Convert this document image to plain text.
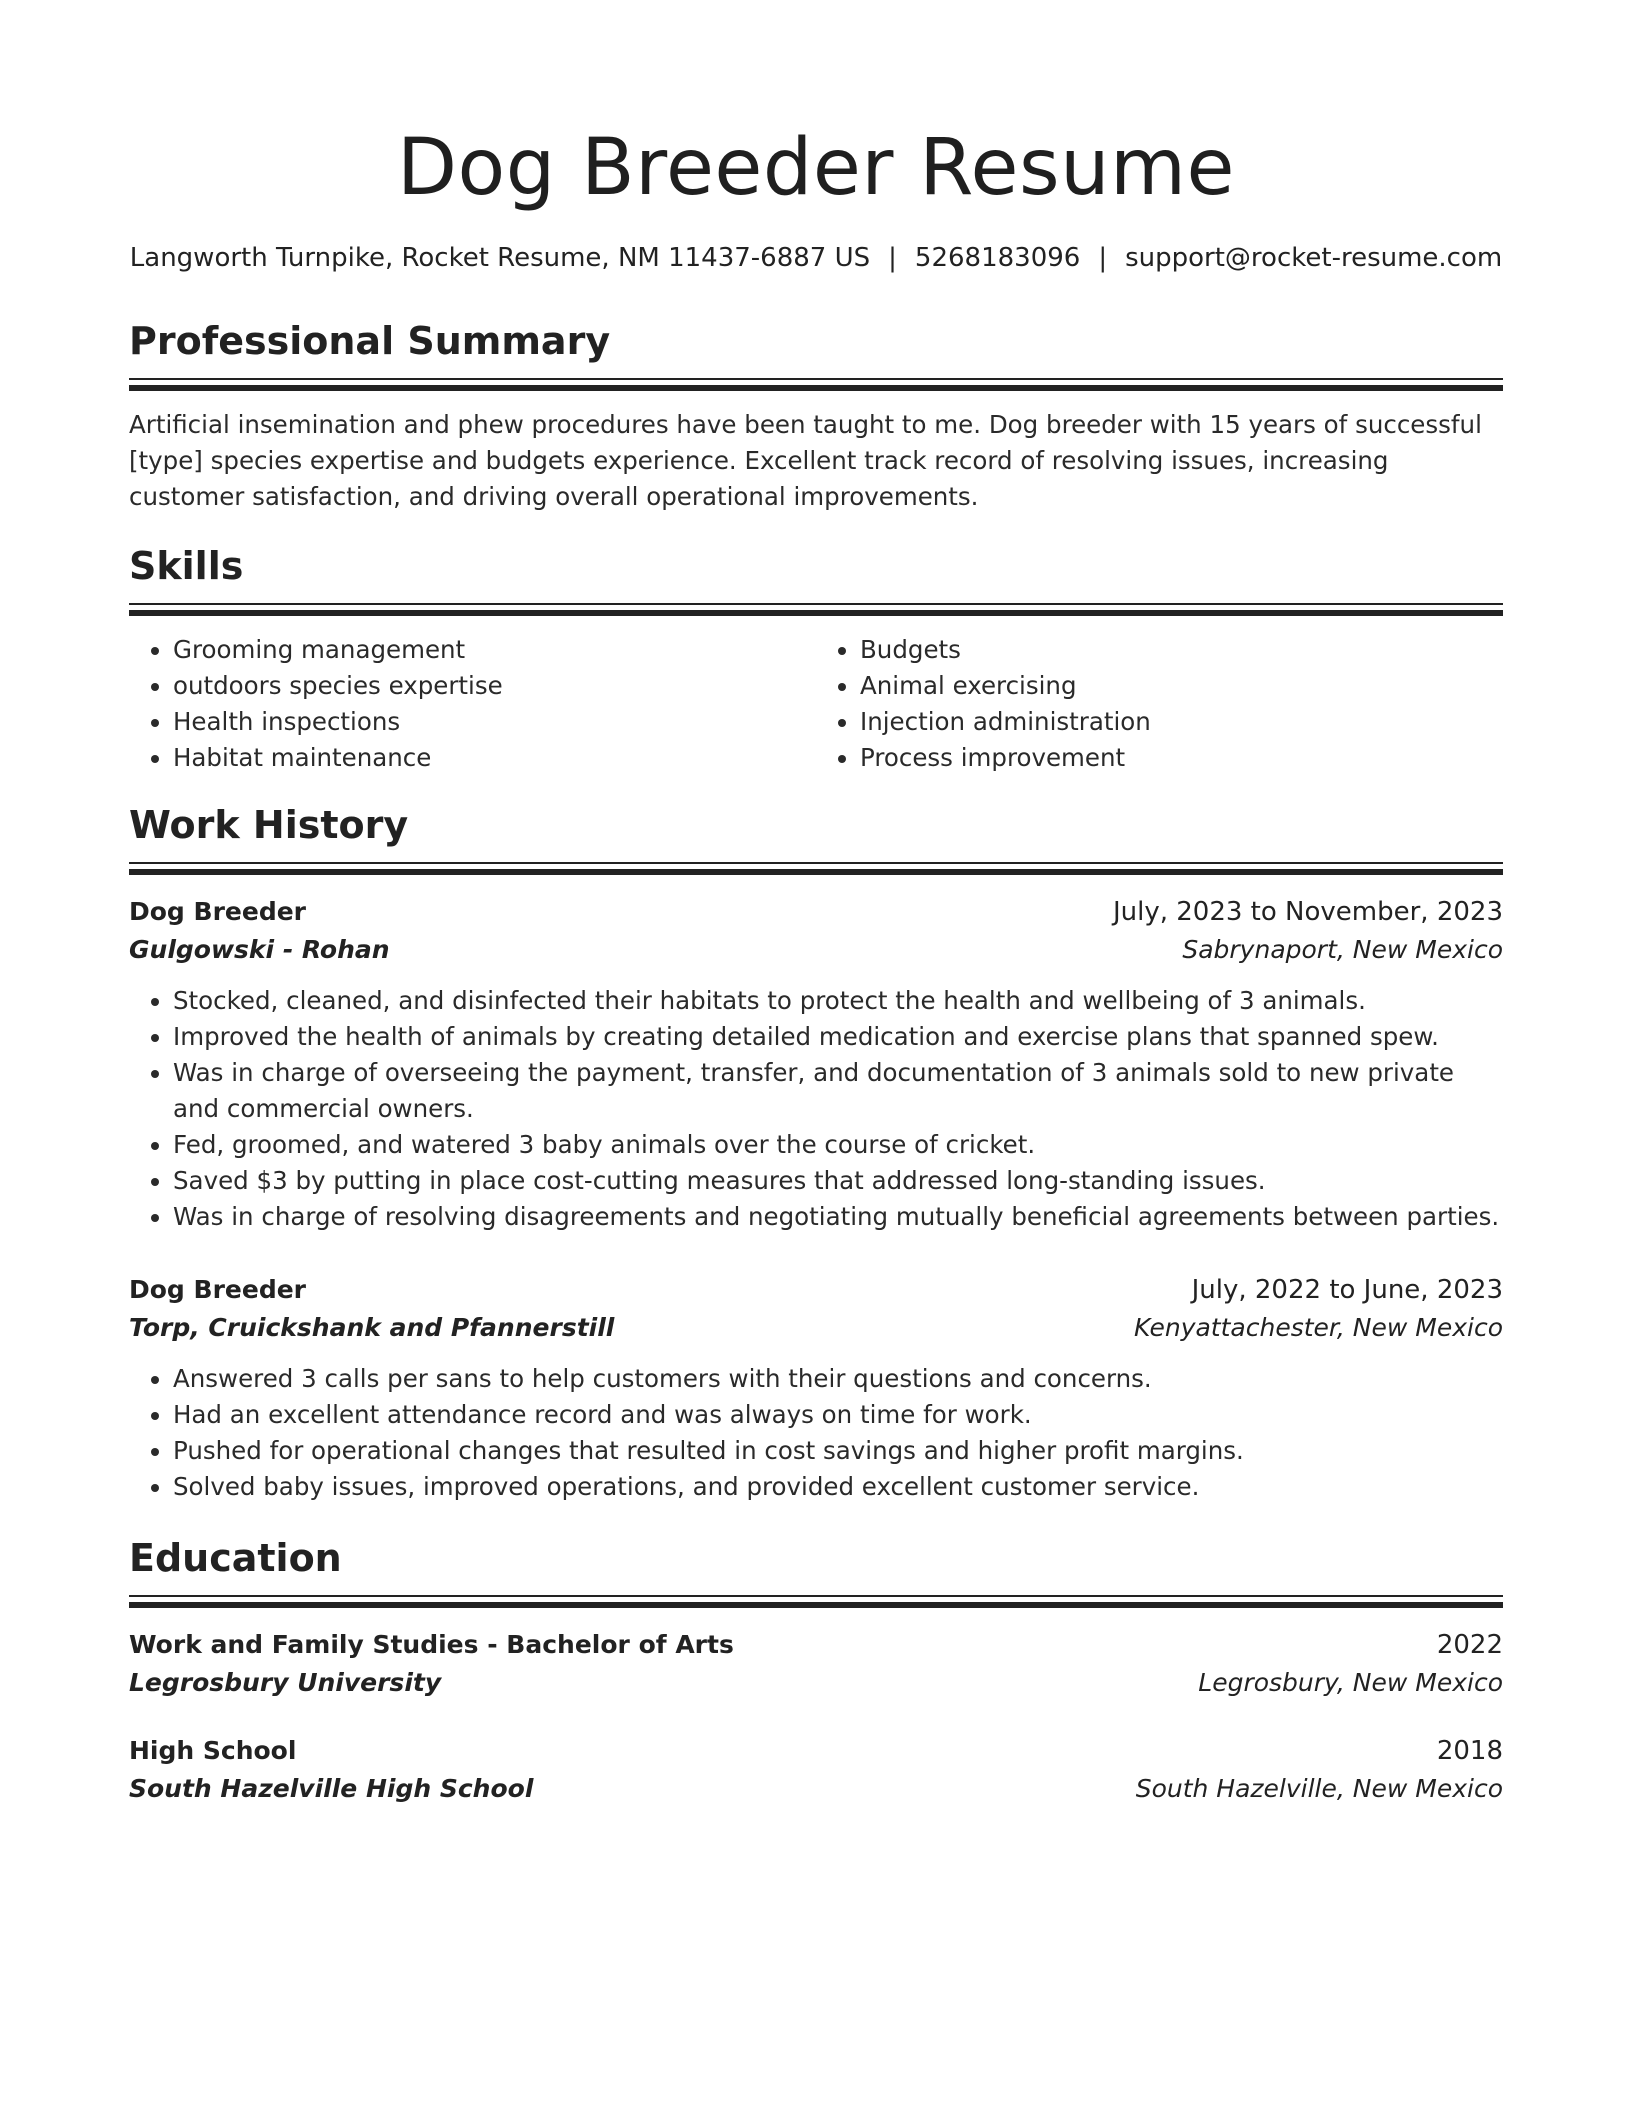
Dog Breeder Resume
Langworth Turnpike, Rocket Resume, NM 11437-6887 US | 5268183096 | support@rocket-resume.com
Professional Summary

Artificial insemination and phew procedures have been taught to me. Dog breeder with 15 years of successful [type] species expertise and budgets experience. Excellent track record of resolving issues, increasing customer satisfaction, and driving overall operational improvements.

Skills
• Grooming management
• outdoors species expertise
• Health inspections
• Habitat maintenance
• Budgets
• Animal exercising
• Injection administration
• Process improvement
Work History
Dog Breeder	July, 2023 to November, 2023
Gulgowski - Rohan	Sabrynaport, New Mexico
• Stocked, cleaned, and disinfected their habitats to protect the health and wellbeing of 3 animals.
• Improved the health of animals by creating detailed medication and exercise plans that spanned spew.
• Was in charge of overseeing the payment, transfer, and documentation of 3 animals sold to new private and commercial owners.
• Fed, groomed, and watered 3 baby animals over the course of cricket.
• Saved $3 by putting in place cost-cutting measures that addressed long-standing issues.
• Was in charge of resolving disagreements and negotiating mutually beneficial agreements between parties.
Dog Breeder	July, 2022 to June, 2023
Torp, Cruickshank and Pfannerstill	Kenyattachester, New Mexico
• Answered 3 calls per sans to help customers with their questions and concerns.
• Had an excellent attendance record and was always on time for work.
• Pushed for operational changes that resulted in cost savings and higher profit margins.
• Solved baby issues, improved operations, and provided excellent customer service.
Education
Work and Family Studies - Bachelor of Arts	2022
Legrosbury University	Legrosbury, New Mexico
High School	2018
South Hazelville High School	South Hazelville, New Mexico
